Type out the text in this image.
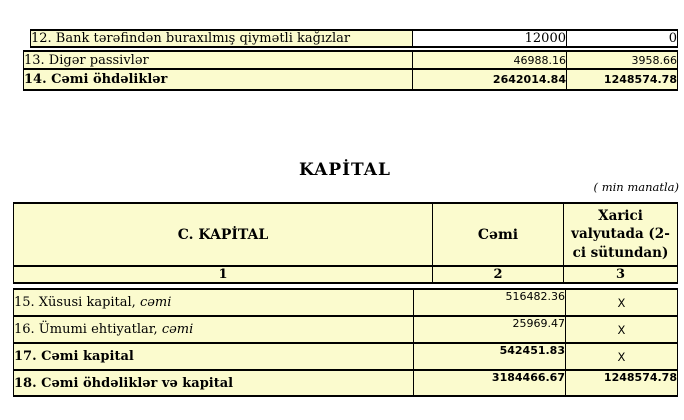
12. Bank tərəfindən buraxılmış qiymətli kağızlar	12000	0
13. Digər passivlər	46988.16	3958.66
14. Cəmi öhdəliklər	2642014.84	1248574.78
KAPİTAL
( min manatla)
C. KAPİTAL	Cəmi	Xarici
valyutada (2-
ci sütundan)

1	2	3
15. Xüsusi kapital, cəmi	516482.36	X
16. Ümumi ehtiyatlar, cəmi	25969.47	X
17. Cəmi kapital	542451.83	X
18. Cəmi öhdəliklər və kapital	3184466.67	1248574.78
